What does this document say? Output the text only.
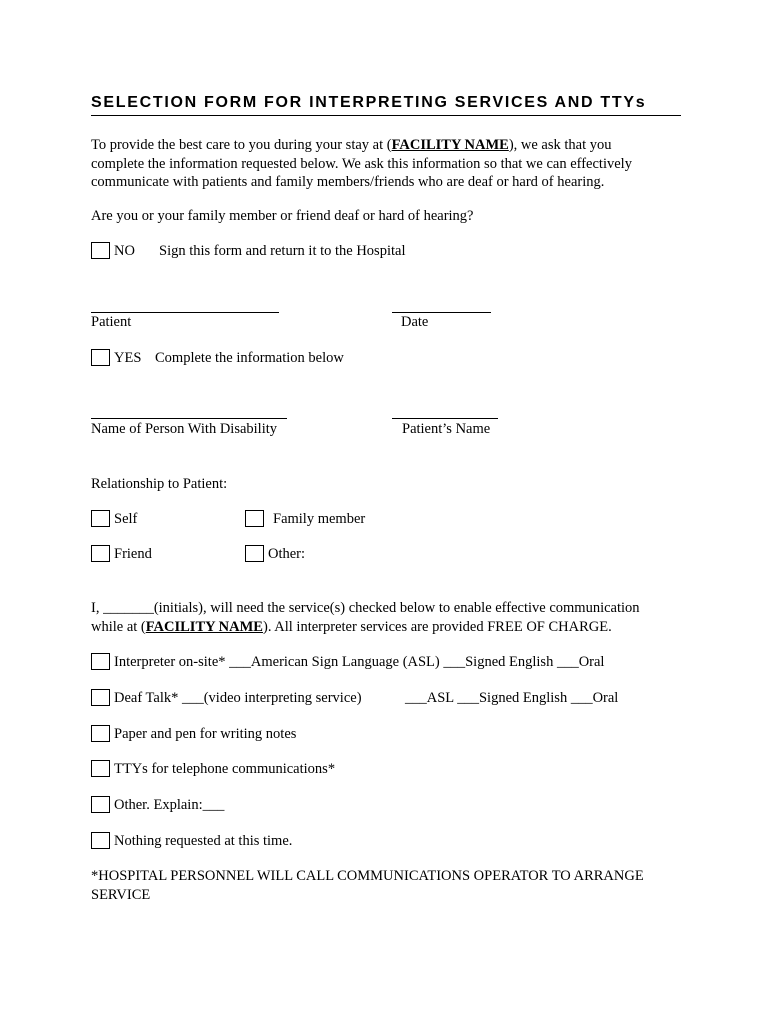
SELECTION FORM FOR INTERPRETING SERVICES AND TTYs
To provide the best care to you during your stay at (FACILITY NAME), we ask that you
complete the information requested below. We ask this information so that we can effectively
communicate with patients and family members/friends who are deaf or hard of hearing.
Are you or your family member or friend deaf or hard of hearing?
NO Sign this form and return it to the Hospital
Patient	Date
YES Complete the information below
Name of Person With Disability	Patient’s Name
Relationship to Patient:
Self	Family member
Friend	Other:
I, _______(initials), will need the service(s) checked below to enable effective communication
while at (FACILITY NAME). All interpreter services are provided FREE OF CHARGE.
Interpreter on-site* ___American Sign Language (ASL) ___Signed English ___Oral
Deaf Talk* ___(video interpreting service)	___ASL ___Signed English ___Oral
Paper and pen for writing notes
TTYs for telephone communications*
Other. Explain:___
Nothing requested at this time.
*HOSPITAL PERSONNEL WILL CALL COMMUNICATIONS OPERATOR TO ARRANGE
SERVICE
